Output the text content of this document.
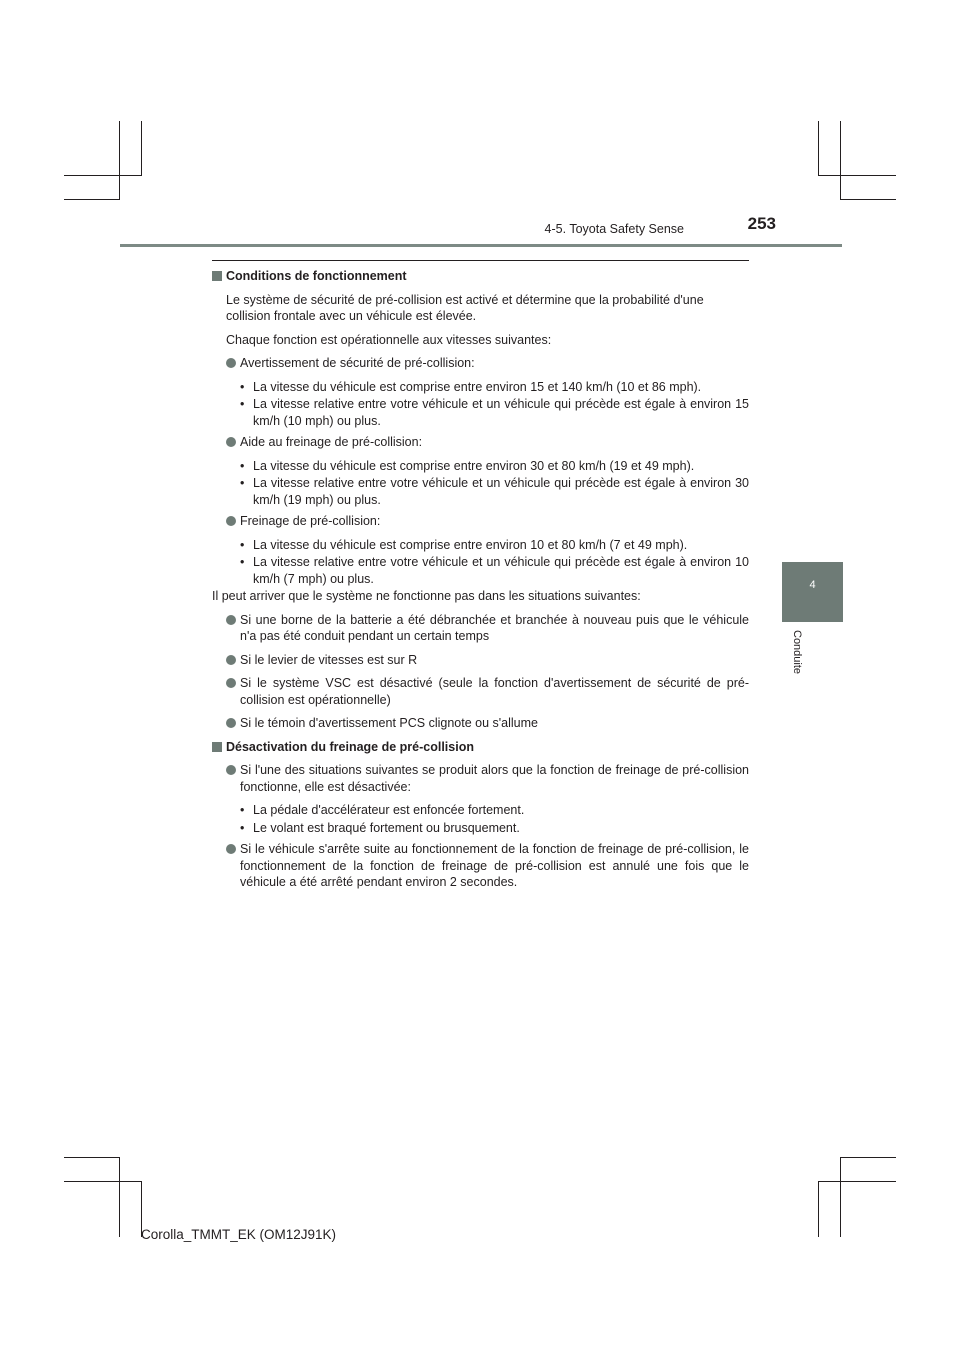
4-5. Toyota Safety Sense	253
4
Conduite
Conditions de fonctionnement
Le système de sécurité de pré-collision est activé et détermine que la probabilité d'une collision frontale avec un véhicule est élevée.
Chaque fonction est opérationnelle aux vitesses suivantes:
Avertissement de sécurité de pré-collision:
• La vitesse du véhicule est comprise entre environ 15 et 140 km/h (10 et 86 mph).
• La vitesse relative entre votre véhicule et un véhicule qui précède est égale à environ 15 km/h (10 mph) ou plus.
Aide au freinage de pré-collision:
• La vitesse du véhicule est comprise entre environ 30 et 80 km/h (19 et 49 mph).
• La vitesse relative entre votre véhicule et un véhicule qui précède est égale à environ 30 km/h (19 mph) ou plus.
Freinage de pré-collision:
• La vitesse du véhicule est comprise entre environ 10 et 80 km/h (7 et 49 mph).
• La vitesse relative entre votre véhicule et un véhicule qui précède est égale à environ 10 km/h (7 mph) ou plus.
Il peut arriver que le système ne fonctionne pas dans les situations suivantes:
Si une borne de la batterie a été débranchée et branchée à nouveau puis que le véhicule n'a pas été conduit pendant un certain temps
Si le levier de vitesses est sur R
Si le système VSC est désactivé (seule la fonction d'avertissement de sécurité de pré-collision est opérationnelle)
Si le témoin d'avertissement PCS clignote ou s'allume
Désactivation du freinage de pré-collision
Si l'une des situations suivantes se produit alors que la fonction de freinage de pré-collision fonctionne, elle est désactivée:
• La pédale d'accélérateur est enfoncée fortement.
• Le volant est braqué fortement ou brusquement.
Si le véhicule s'arrête suite au fonctionnement de la fonction de freinage de pré-collision, le fonctionnement de la fonction de freinage de pré-collision est annulé une fois que le véhicule a été arrêté pendant environ 2 secondes.
Corolla_TMMT_EK (OM12J91K)
